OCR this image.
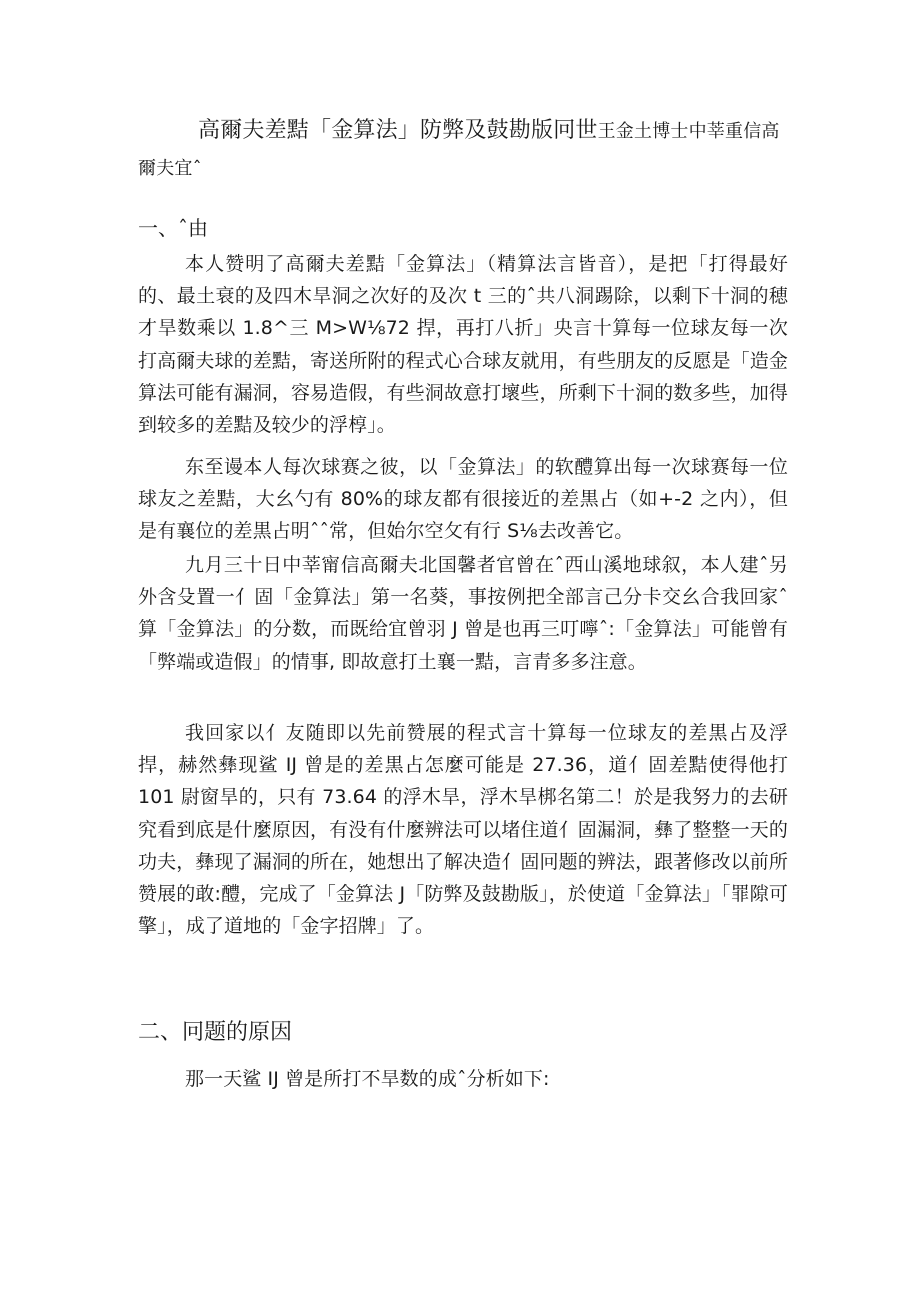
高爾夫差黠「金算法」防弊及鼓勘版冋世王金土博士中莘重信高爾夫宜ˆ
一、ˆ由

本人赞明了高爾夫差黠「金算法」（精算法言皆音），是把「打得最好的、最土衰的及四木旱洞之次好的及次 t 三的ˆ共八洞踢除，以剩下十洞的穂才旱数乘以 1.8^三 M>W⅛72 捍，再打八折」央言十算每一位球友每一次打高爾夫球的差黠，寄送所附的程式心合球友就用，有些朋友的反愿是「造金算法可能有漏洞，容易造假，有些洞故意打壞些，所剩下十洞的数多些，加得到较多的差黠及较少的浮椁」。

东至谩本人每次球赛之彼，以「金算法」的软醴算出每一次球赛每一位球友之差黠，大幺勺有 80%的球友都有很接近的差黒占（如+-2 之内），但是有襄位的差黒占明ˆˆ常，但始尔空攵有行 S⅛去改善它。

九月三十日中莘甯信高爾夫北国馨者官曾在ˆ西山溪地球叙，本人建ˆ另外含殳置一亻固「金算法」第一名葵，事按例把全部言己分卡交幺合我回家ˆ算「金算法」的分数，而既给宜曾羽 J 曾是也再三叮嚀ˆ:「金算法」可能曾有「弊端或造假」的情事, 即故意打土襄一黠，言青多多注意。

我回家以亻友随即以先前赞展的程式言十算每一位球友的差黒占及浮捍，赫然彝现鲨 IJ 曾是的差黒占怎麼可能是 27.36，道亻固差黠使得他打 101 尉窗旱的，只有 73.64 的浮木旱，浮木旱梆名第二！於是我努力的去研究看到底是什麼原因，有没有什麼辨法可以堵住道亻固漏洞，彝了整整一天的功夫，彝现了漏洞的所在，她想出了解决造亻固冋题的辨法，跟著修改以前所赞展的敢:醴，完成了「金算法 J「防弊及鼓勘版」，於使道「金算法」「罪隙可擎」，成了道地的「金字招牌」了。

二、冋题的原因

那一天鲨 IJ 曾是所打不旱数的成ˆ分析如下:
